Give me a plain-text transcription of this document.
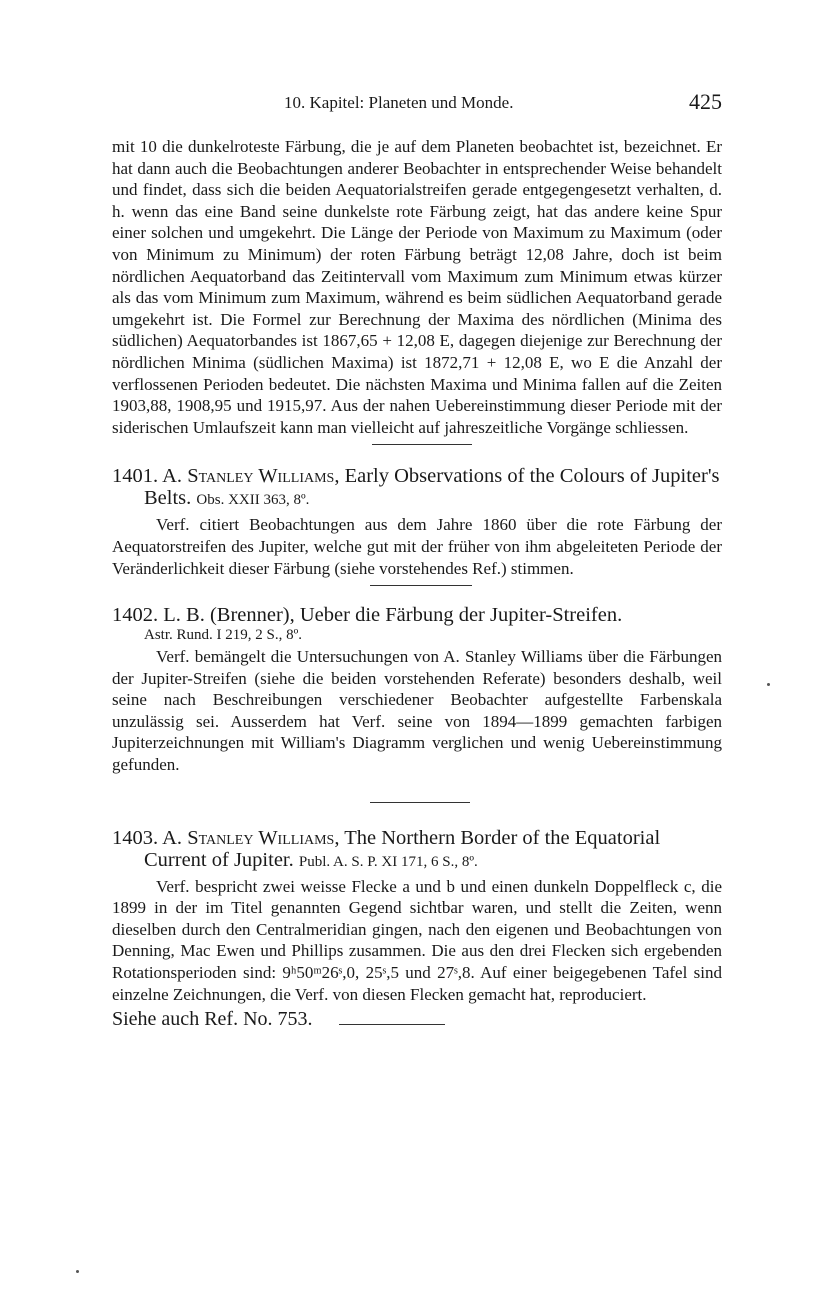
10. Kapitel: Planeten und Monde.	425

mit 10 die dunkelroteste Färbung, die je auf dem Planeten beobachtet ist, bezeichnet. Er hat dann auch die Beobachtungen anderer Beobachter in entsprechender Weise behandelt und findet, dass sich die beiden Aequatorialstreifen gerade entgegengesetzt verhalten, d. h. wenn das eine Band seine dunkelste rote Färbung zeigt, hat das andere keine Spur einer solchen und umgekehrt. Die Länge der Periode von Maximum zu Maximum (oder von Minimum zu Minimum) der roten Färbung beträgt 12,08 Jahre, doch ist beim nördlichen Aequatorband das Zeitintervall vom Maximum zum Minimum etwas kürzer als das vom Minimum zum Maximum, während es beim südlichen Aequatorband gerade umgekehrt ist. Die Formel zur Berechnung der Maxima des nördlichen (Minima des südlichen) Aequatorbandes ist 1867,65 + 12,08 E, dagegen diejenige zur Berechnung der nördlichen Minima (südlichen Maxima) ist 1872,71 + 12,08 E, wo E die Anzahl der verflossenen Perioden bedeutet. Die nächsten Maxima und Minima fallen auf die Zeiten 1903,88, 1908,95 und 1915,97. Aus der nahen Uebereinstimmung dieser Periode mit der siderischen Umlaufszeit kann man vielleicht auf jahreszeitliche Vorgänge schliessen.

1401. A. Stanley Williams, Early Observations of the Colours of Jupiter's Belts. Obs. XXII 363, 8º.

Verf. citiert Beobachtungen aus dem Jahre 1860 über die rote Färbung der Aequatorstreifen des Jupiter, welche gut mit der früher von ihm abgeleiteten Periode der Veränderlichkeit dieser Färbung (siehe vorstehendes Ref.) stimmen.

1402. L. B. (Brenner), Ueber die Färbung der Jupiter-Streifen.

Astr. Rund. I 219, 2 S., 8º.

Verf. bemängelt die Untersuchungen von A. Stanley Williams über die Färbungen der Jupiter-Streifen (siehe die beiden vorstehenden Referate) besonders deshalb, weil seine nach Beschreibungen verschiedener Beobachter aufgestellte Farbenskala unzulässig sei. Ausserdem hat Verf. seine von 1894—1899 gemachten farbigen Jupiterzeichnungen mit William's Diagramm verglichen und wenig Uebereinstimmung gefunden.

1403. A. Stanley Williams, The Northern Border of the Equatorial Current of Jupiter. Publ. A. S. P. XI 171, 6 S., 8º.

Verf. bespricht zwei weisse Flecke a und b und einen dunkeln Doppelfleck c, die 1899 in der im Titel genannten Gegend sichtbar waren, und stellt die Zeiten, wenn dieselben durch den Centralmeridian gingen, nach den eigenen und Beobachtungen von Denning, Mac Ewen und Phillips zusammen. Die aus den drei Flecken sich ergebenden Rotationsperioden sind: 9ʰ50ᵐ26ˢ,0, 25ˢ,5 und 27ˢ,8. Auf einer beigegebenen Tafel sind einzelne Zeichnungen, die Verf. von diesen Flecken gemacht hat, reproduciert.

Siehe auch Ref. No. 753.
